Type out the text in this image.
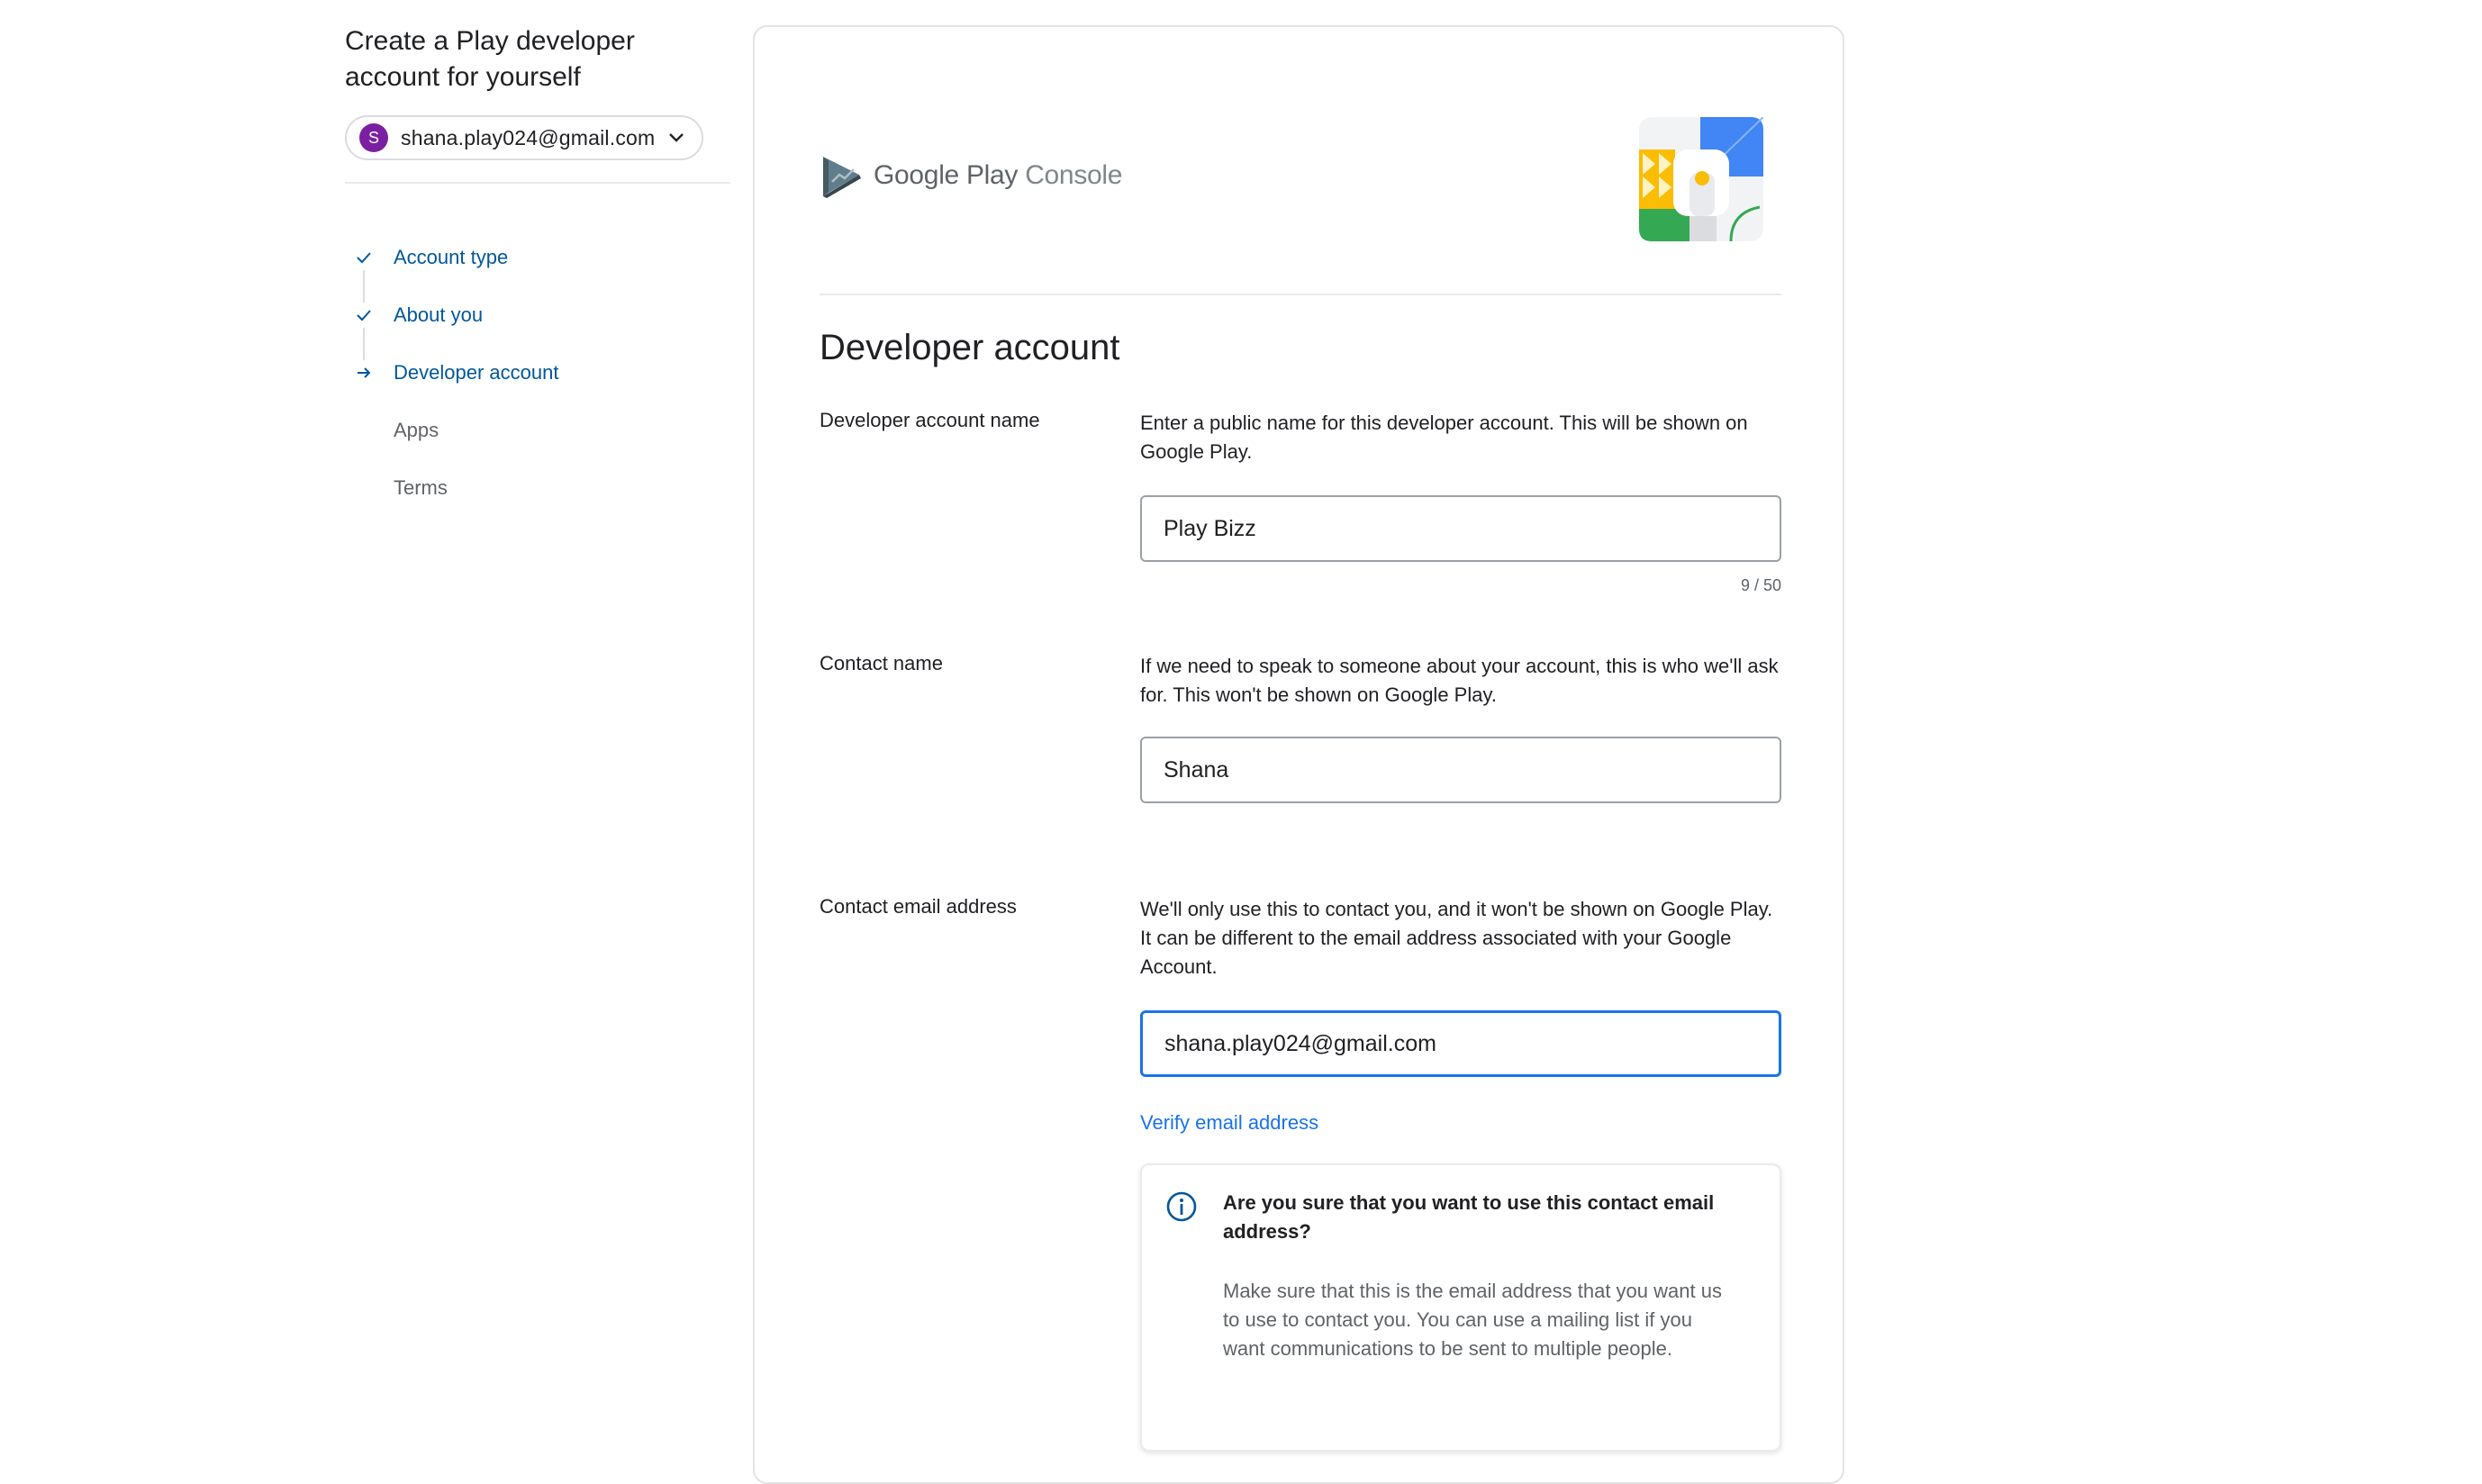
Create a Play developer account for yourself
S	shana.play024@gmail.com
Account type
About you
Developer account
Apps
Terms
Google Play Console
Developer account
Developer account name	Enter a public name for this developer account. This will be shown on Google Play.
Play Bizz
9 / 50
Contact name	If we need to speak to someone about your account, this is who we'll ask for. This won't be shown on Google Play.
Shana
Contact email address	We'll only use this to contact you, and it won't be shown on Google Play. It can be different to the email address associated with your Google Account.
shana.play024@gmail.com
Verify email address
Are you sure that you want to use this contact email address?
Make sure that this is the email address that you want us to use to contact you. You can use a mailing list if you want communications to be sent to multiple people.
